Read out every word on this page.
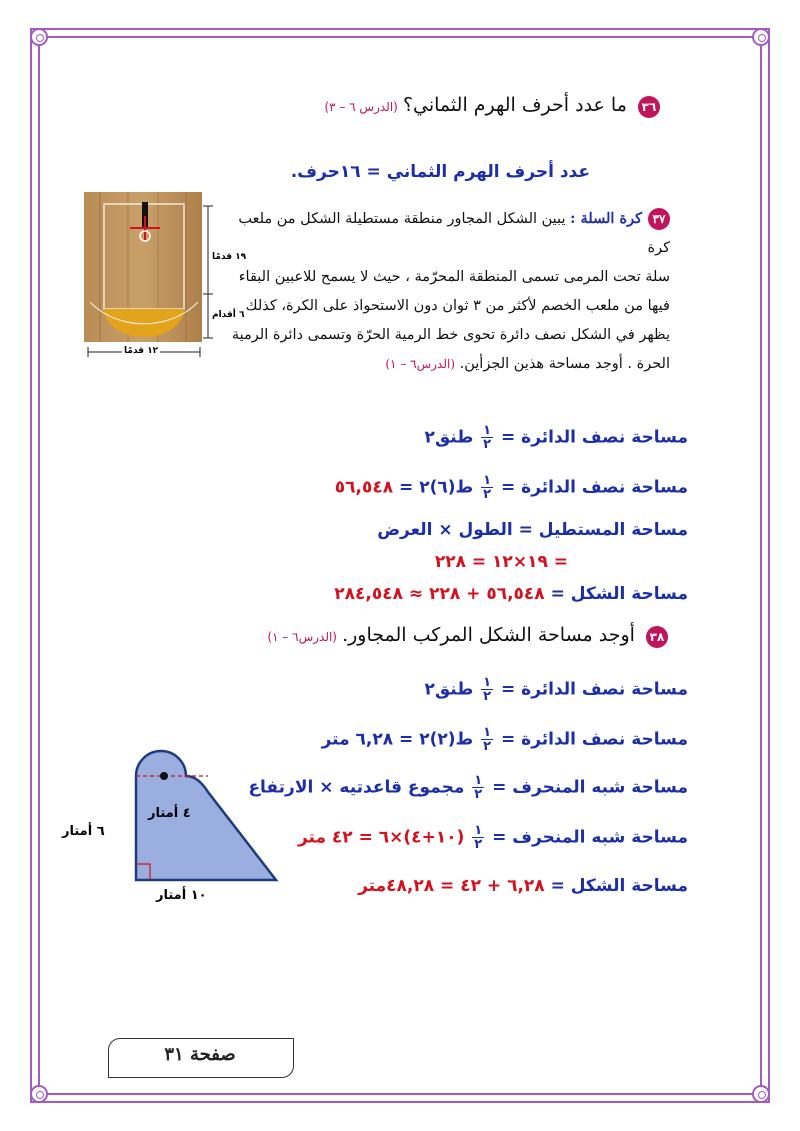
٣٦ ما عدد أحرف الهرم الثماني؟ (الدرس ٦ – ٣)
عدد أحرف الهرم الثماني = ١٦حرف.
٣٧كرة السلة : يبين الشكل المجاور منطقة مستطيلة الشكل من ملعب كرة
سلة تحت المرمى تسمى المنطقة المحرّمة ، حيث لا يسمح للاعبين البقاء
فيها من ملعب الخصم لأكثر من ٣ ثوان دون الاستحواذ على الكرة، كذلك
يظهر في الشكل نصف دائرة تحوى خط الرمية الحرّة وتسمى دائرة الرمية
الحرة . أوجد مساحة هذين الجزأين. (الدرس٦ – ١)
١٩ قدمًا
٦ أقدام
١٢ قدمًا
مساحة نصف الدائرة =
$\frac{١}{٢}$
طنق٢
مساحة نصف الدائرة =
$\frac{١}{٢}$
ط(٦)٢ = ٥٦,٥٤٨
مساحة المستطيل = الطول × العرض
= ١٩×١٢ = ٢٢٨
مساحة الشكل = ٥٦,٥٤٨ + ٢٢٨ ≈ ٢٨٤,٥٤٨
٣٨ أوجد مساحة الشكل المركب المجاور. (الدرس٦ – ١)
٤ أمتار
٦ أمتار
١٠ أمتار
مساحة نصف الدائرة =
$\frac{١}{٢}$
طنق٢
مساحة نصف الدائرة =
$\frac{١}{٢}$
ط(٢)٢ = ٦,٢٨ متر
مساحة شبه المنحرف =
$\frac{١}{٢}$
مجموع قاعدتيه × الارتفاع
مساحة شبه المنحرف =
$\frac{١}{٢}$
(١٠+٤)×٦ = ٤٢ متر
مساحة الشكل = ٦,٢٨ + ٤٢ = ٤٨,٢٨متر
صفحة ٣١
